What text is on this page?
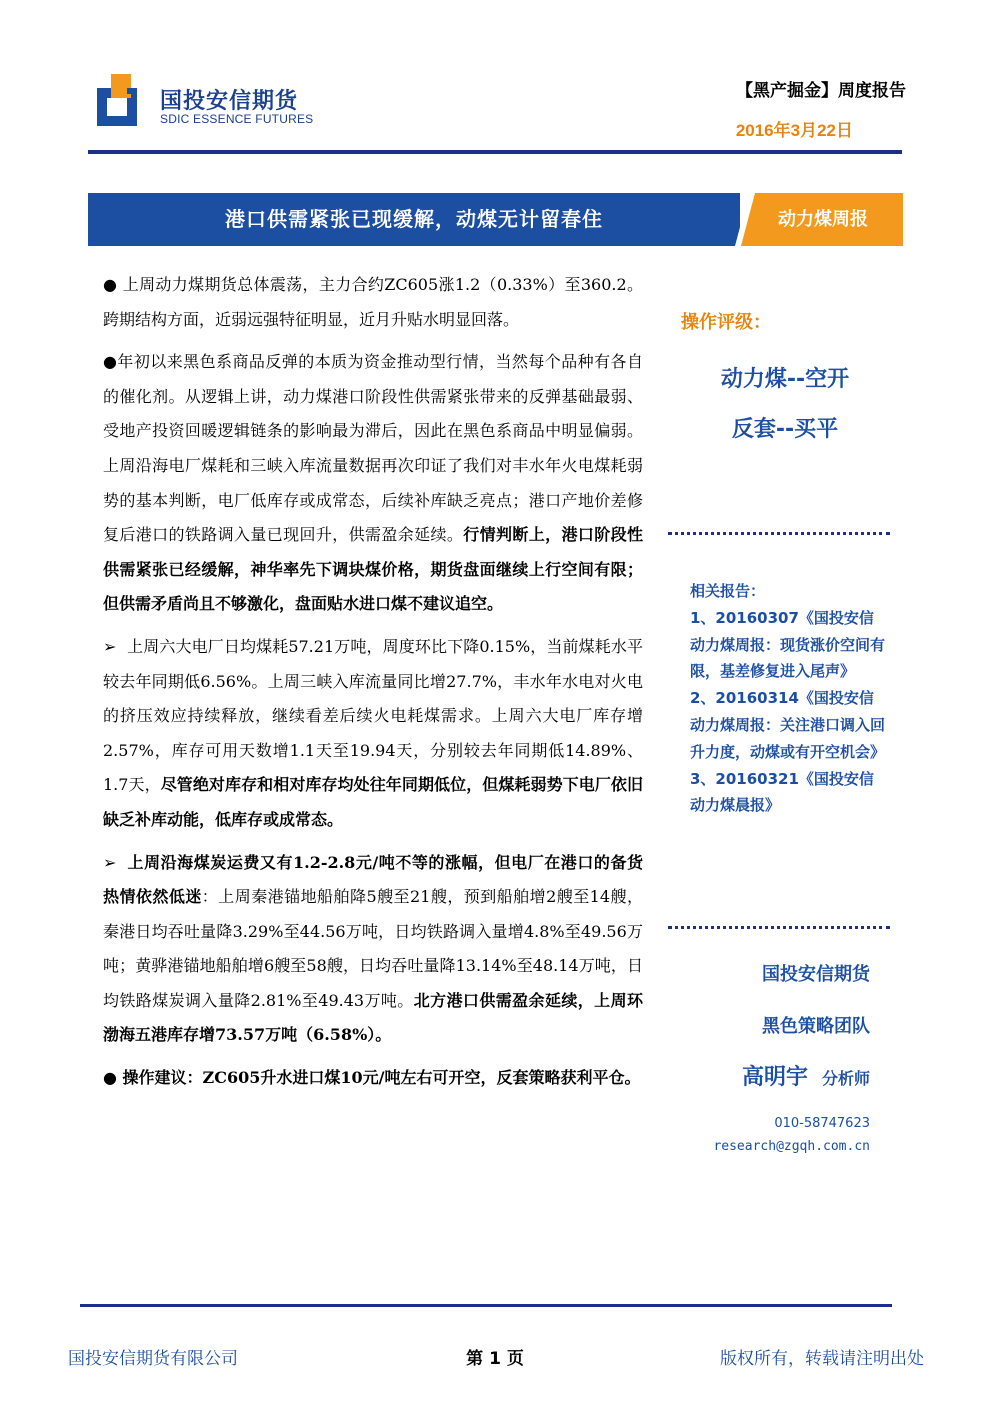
国投安信期货
SDIC ESSENCE FUTURES
【黑产掘金】周度报告
2016年3月22日
港口供需紧张已现缓解，动煤无计留春住	动力煤周报

● 上周动力煤期货总体震荡，主力合约ZC605涨1.2（0.33%）至360.2。跨期结构方面，近弱远强特征明显，近月升贴水明显回落。

●年初以来黑色系商品反弹的本质为资金推动型行情，当然每个品种有各自的催化剂。从逻辑上讲，动力煤港口阶段性供需紧张带来的反弹基础最弱、受地产投资回暖逻辑链条的影响最为滞后，因此在黑色系商品中明显偏弱。上周沿海电厂煤耗和三峡入库流量数据再次印证了我们对丰水年火电煤耗弱势的基本判断，电厂低库存或成常态，后续补库缺乏亮点；港口产地价差修复后港口的铁路调入量已现回升，供需盈余延续。行情判断上，港口阶段性供需紧张已经缓解，神华率先下调块煤价格，期货盘面继续上行空间有限；但供需矛盾尚且不够激化，盘面贴水进口煤不建议追空。

➢ 上周六大电厂日均煤耗57.21万吨，周度环比下降0.15%，当前煤耗水平较去年同期低6.56%。上周三峡入库流量同比增27.7%，丰水年水电对火电的挤压效应持续释放，继续看差后续火电耗煤需求。上周六大电厂库存增2.57%，库存可用天数增1.1天至19.94天，分别较去年同期低14.89%、1.7天，尽管绝对库存和相对库存均处往年同期低位，但煤耗弱势下电厂依旧缺乏补库动能，低库存或成常态。

➢ 上周沿海煤炭运费又有1.2-2.8元/吨不等的涨幅，但电厂在港口的备货热情依然低迷：上周秦港锚地船舶降5艘至21艘，预到船舶增2艘至14艘，秦港日均吞吐量降3.29%至44.56万吨，日均铁路调入量增4.8%至49.56万吨；黄骅港锚地船舶增6艘至58艘，日均吞吐量降13.14%至48.14万吨，日均铁路煤炭调入量降2.81%至49.43万吨。北方港口供需盈余延续，上周环渤海五港库存增73.57万吨（6.58%）。

● 操作建议：ZC605升水进口煤10元/吨左右可开空，反套策略获利平仓。

操作评级：
动力煤--空开
反套--买平
相关报告：
1、20160307《国投安信动力煤周报：现货涨价空间有限，基差修复进入尾声》
2、20160314《国投安信动力煤周报：关注港口调入回升力度，动煤或有开空机会》
3、20160321《国投安信动力煤晨报》
国投安信期货
黑色策略团队
高明宇 分析师
010-58747623
research@zgqh.com.cn
国投安信期货有限公司	第 1 页	版权所有，转载请注明出处
